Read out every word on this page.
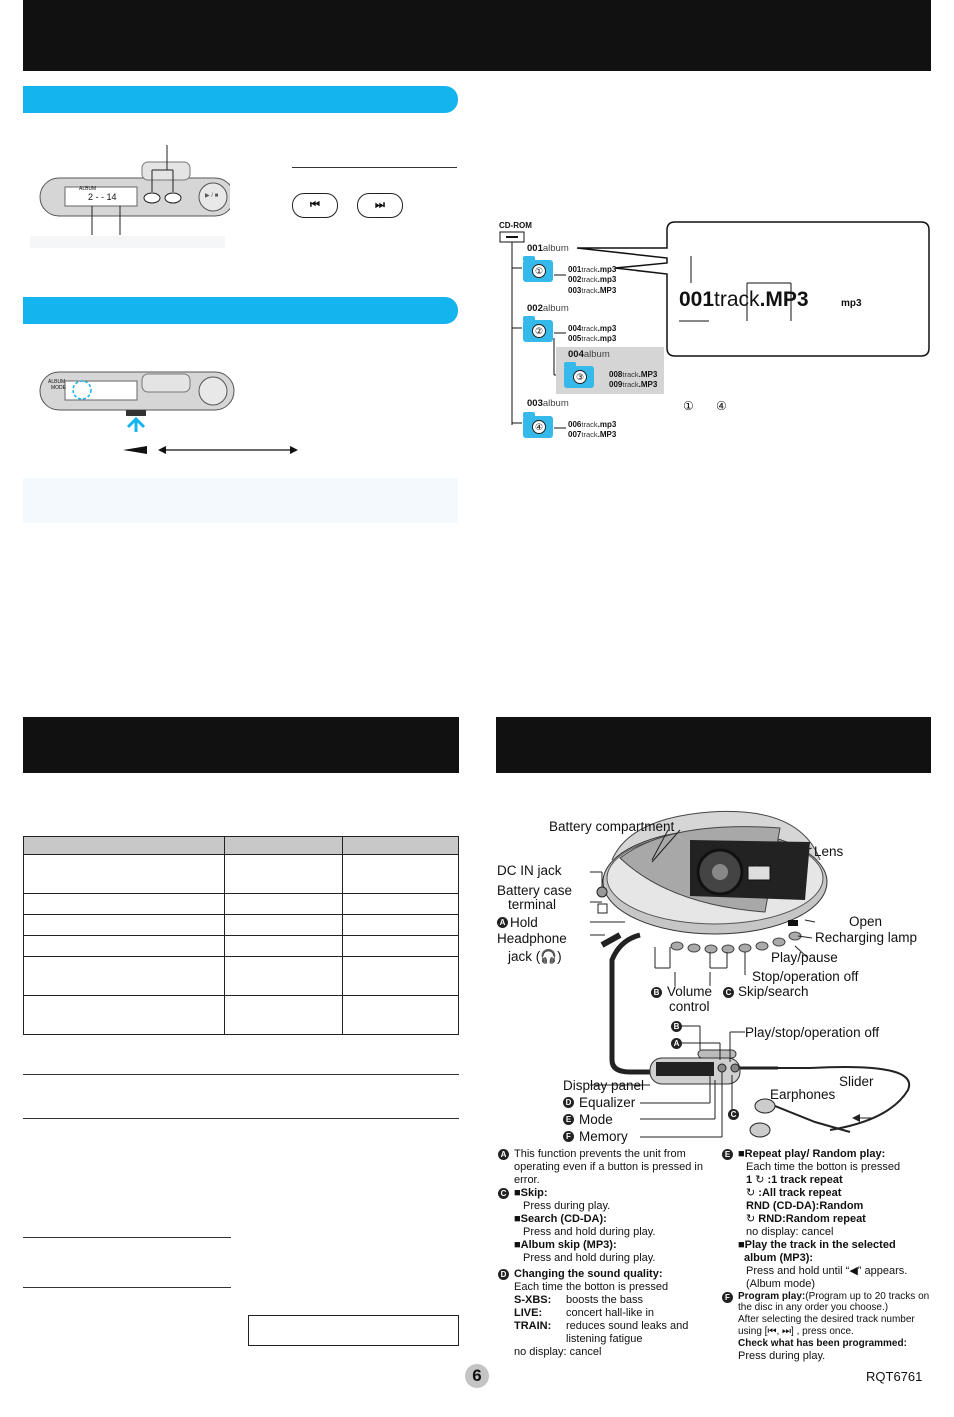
ALBUM
2 - - 14	▶ / ■
⏮	⏭
ALBUM
MODE
CD-ROM
001album
①	001track.mp3
002track.mp3
003track.MP3
002album
②	004track.mp3
005track.mp3
004album
③	008track.MP3
009track.MP3
003album
④	006track.mp3
007track.MP3
001track.MP3	mp3
① ④

Battery compartment
DC IN jack
Battery case
terminal
A Hold
Headphone
jack (🎧)
Lens
Open
Recharging lamp
Play/pause
Stop/operation off
B Volume	C Skip/search
control
B	Play/stop/operation off
A
Slider
Display panel
Earphones
D Equalizer
C
E Mode
F Memory
A This function prevents the unit from operating even if a button is pressed in error.
C ■Skip:
Press during play.
■Search (CD-DA):
Press and hold during play.
■Album skip (MP3):
Press and hold during play.
D Changing the sound quality:
Each time the botton is pressed
S-XBS: boosts the bass
LIVE: concert hall-like in
TRAIN: reduces sound leaks and
listening fatigue
no display: cancel
E ■Repeat play/ Random play:
Each time the botton is pressed
1 ↻ :1 track repeat
↻ :All track repeat
RND (CD-DA):Random
↻ RND:Random repeat
no display: cancel
■Play the track in the selected
album (MP3):
Press and hold until “◀” appears.
(Album mode)
F Program play:(Program up to 20 tracks on
the disc in any order you choose.)
After selecting the desired track number
using [⏮, ⏭] , press once.
Check what has been programmed:
Press during play.
6	RQT6761
